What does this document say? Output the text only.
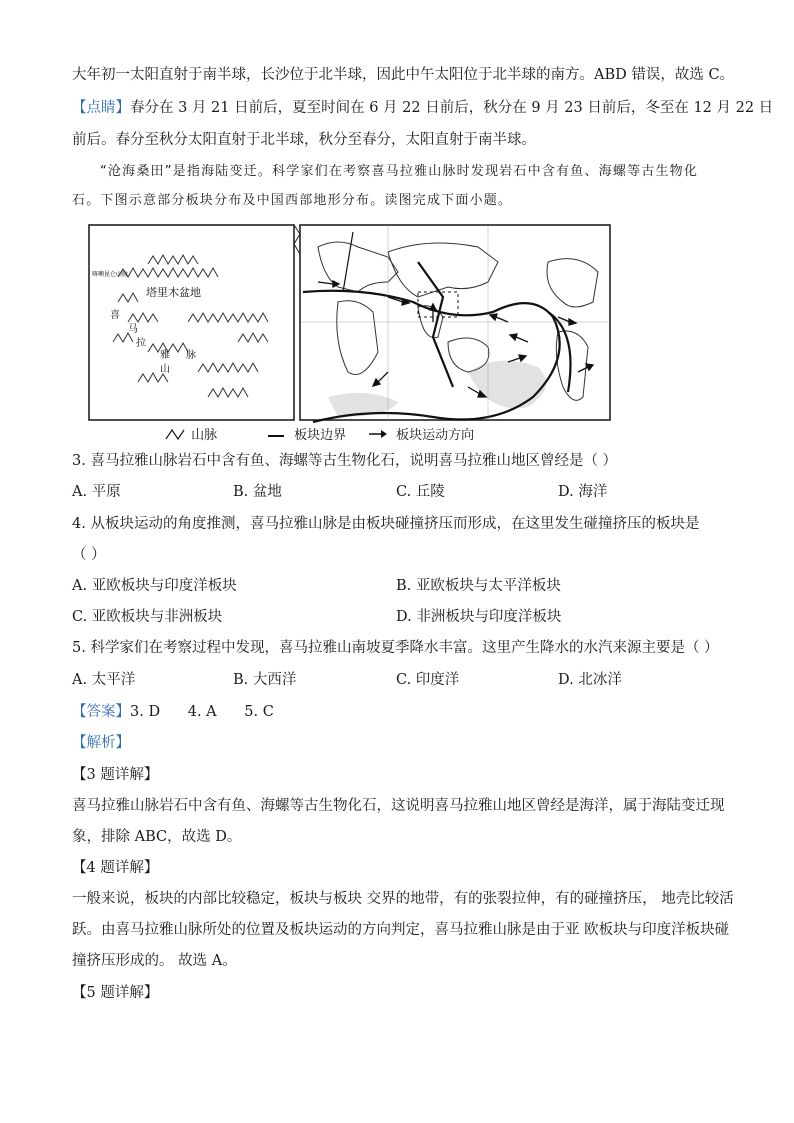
大年初一太阳直射于南半球，长沙位于北半球，因此中午太阳位于北半球的南方。ABD 错误，故选 C。
【点睛】春分在 3 月 21 日前后，夏至时间在 6 月 22 日前后，秋分在 9 月 23 日前后，冬至在 12 月 22 日
前后。春分至秋分太阳直射于北半球，秋分至春分，太阳直射于南半球。
“沧海桑田”是指海陆变迁。科学家们在考察喜马拉雅山脉时发现岩石中含有鱼、海螺等古生物化
石。下图示意部分板块分布及中国西部地形分布。读图完成下面小题。
塔里木盆地
喀喇昆仑山脉
喜
马
拉
雅
山
脉
山脉	板块边界	板块运动方向
3. 喜马拉雅山脉岩石中含有鱼、海螺等古生物化石，说明喜马拉雅山地区曾经是（ ）
A. 平原	B. 盆地	C. 丘陵	D. 海洋
4. 从板块运动的角度推测，喜马拉雅山脉是由板块碰撞挤压而形成，在这里发生碰撞挤压的板块是
（ ）
A. 亚欧板块与印度洋板块	B. 亚欧板块与太平洋板块
C. 亚欧板块与非洲板块	D. 非洲板块与印度洋板块
5. 科学家们在考察过程中发现，喜马拉雅山南坡夏季降水丰富。这里产生降水的水汽来源主要是（ ）
A. 太平洋	B. 大西洋	C. 印度洋	D. 北冰洋
【答案】3. D      4. A      5. C
【解析】
【3 题详解】
喜马拉雅山脉岩石中含有鱼、海螺等古生物化石，这说明喜马拉雅山地区曾经是海洋，属于海陆变迁现
象，排除 ABC，故选 D。
【4 题详解】
一般来说，板块的内部比较稳定，板块与板块 交界的地带，有的张裂拉伸，有的碰撞挤压， 地壳比较活
跃。由喜马拉雅山脉所处的位置及板块运动的方向判定，喜马拉雅山脉是由于亚 欧板块与印度洋板块碰
撞挤压形成的。 故选 A。
【5 题详解】
